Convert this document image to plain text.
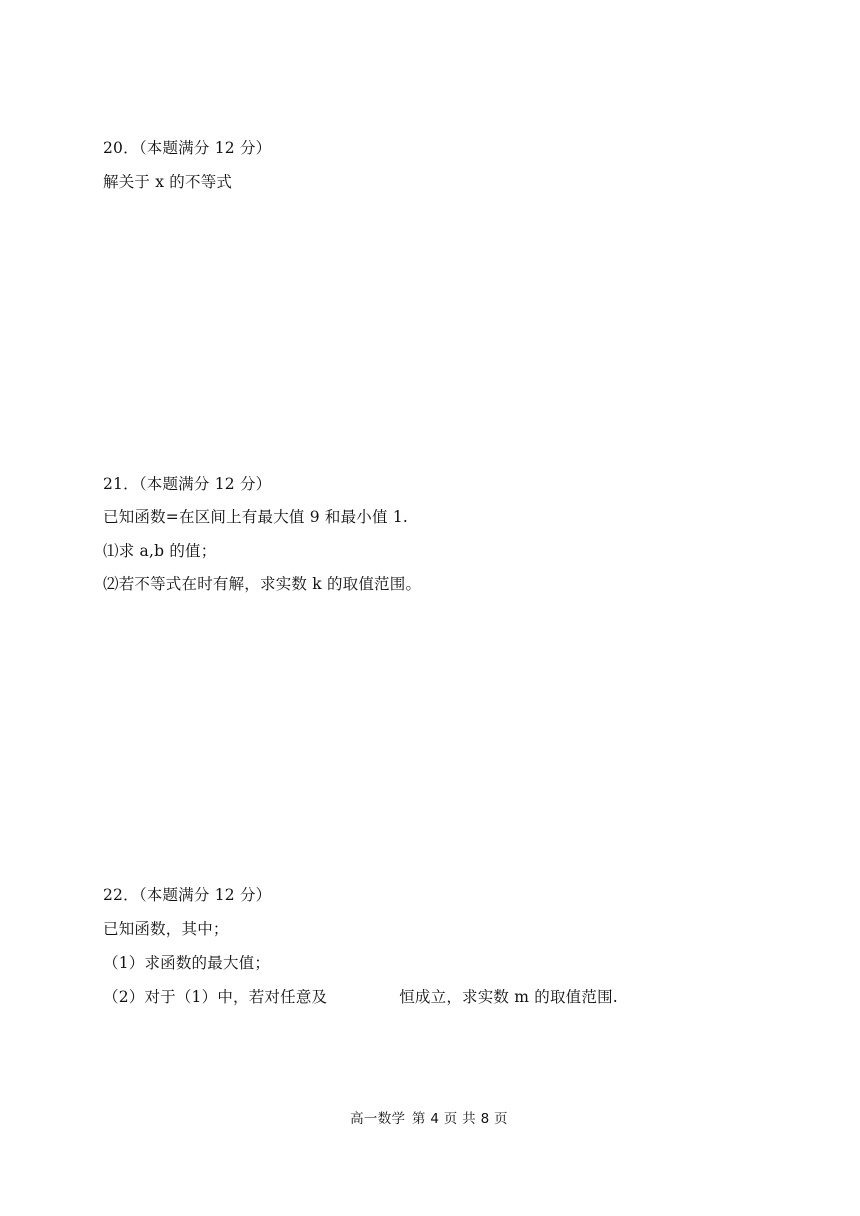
20．（本题满分 12 分）
解关于 x 的不等式
21．（本题满分 12 分）
已知函数=在区间上有最大值 9 和最小值 1.
⑴求 a,b 的值；
⑵若不等式在时有解，求实数 k 的取值范围。
22．（本题满分 12 分）
已知函数，其中；
（1）求函数的最大值；
（2）对于（1）中，若对任意及	恒成立，求实数 m 的取值范围.
高一数学 第 4 页 共 8 页
